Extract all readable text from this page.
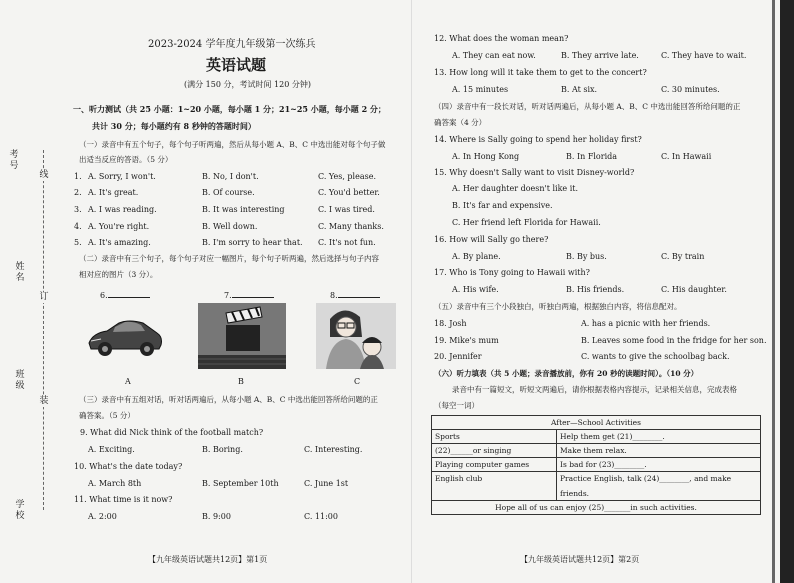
考号
线
姓名
订
班级
装
学校
2023-2024 学年度九年级第一次练兵
英语试题
(满分 150 分，考试时间 120 分钟)
一、听力测试（共 25 小题：1~20 小题，每小题 1 分；21~25 小题，每小题 2 分；
共计 30 分；每小题约有 8 秒钟的答题时间）
（一）录音中有五个句子，每个句子听两遍，然后从每小题 A、B、C 中选出能对每个句子做
出适当反应的答语。（5 分）
1. A. Sorry, I won't.	B. No, I don't.	C. Yes, please.
2. A. It's great.	B. Of course.	C. You'd better.
3. A. I was reading.	B. It was interesting	C. I was tired.
4. A. You're right.	B. Well down.	C. Many thanks.
5. A. It's amazing.	B. I'm sorry to hear that. C. It's not fun.
（二）录音中有三个句子，每个句子对应一幅图片，每个句子听两遍，然后选择与句子内容
相对应的图片（3 分）。
6.	7.	8.
A	B	C
（三）录音中有五组对话，听对话两遍后，从每小题 A、B、C 中选出能回答所给问题的正
确答案。（5 分）
9. What did Nick think of the football match?
A. Exciting.	B. Boring.	C. Interesting.
10. What's the date today?
A. March 8th	B. September 10th	C. June 1st
11. What time is it now?
A. 2:00	B. 9:00	C. 11:00
【九年级英语试题共12页】第1页
12. What does the woman mean?
A. They can eat now.	B. They arrive late.	C. They have to wait.
13. How long will it take them to get to the concert?
A. 15 minutes	B. At six.	C. 30 minutes.
（四）录音中有一段长对话，听对话两遍后，从每小题 A、B、C 中选出能回答所给问题的正
确答案（4 分）
14. Where is Sally going to spend her holiday first?
A. In Hong Kong	B. In Florida	C. In Hawaii
15. Why doesn't Sally want to visit Disney-world?
A. Her daughter doesn't like it.
B. It's far and expensive.
C. Her friend left Florida for Hawaii.
16. How will Sally go there?
A. By plane.	B. By bus.	C. By train
17. Who is Tony going to Hawaii with?
A. His wife.	B. His friends.	C. His daughter.
（五）录音中有三个小段独白，听独白两遍，根据独白内容，将信息配对。
18. Josh	A. has a picnic with her friends.
19. Mike's mum	B. Leaves some food in the fridge for her son.
20. Jennifer	C. wants to give the schoolbag back.
（六）听力填表（共 5 小题；录音播放前，你有 20 秒的读题时间）。（10 分）
录音中有一篇短文，听短文两遍后，请你根据表格内容提示，记录相关信息，完成表格
（每空一词）
After—School Activities	
Sports	Help them get (21)________.
(22)______or singing	Make them relax.
Playing computer games	Is bad for (23)________.
English club	Practice English, talk (24)________, and make
friends.

Hope all of us can enjoy (25)_______in such activities.	
【九年级英语试题共12页】第2页
